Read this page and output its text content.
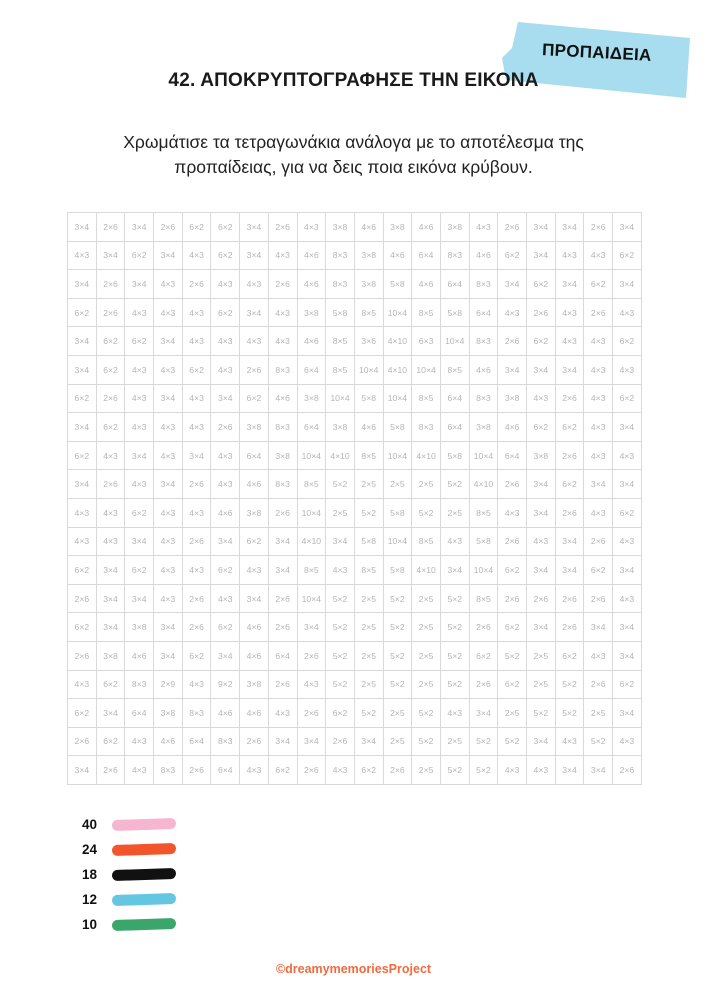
ΠΡΟΠΑΙΔΕΙΑ
42. ΑΠΟΚΡΥΠΤΟΓΡΑΦΗΣΕ ΤΗΝ ΕΙΚΟΝΑ
Χρωμάτισε τα τετραγωνάκια ανάλογα με το αποτέλεσμα της
προπαίδειας, για να δεις ποια εικόνα κρύβουν.
3×4	2×6	3×4	2×6	6×2	6×2	3×4	2×6	4×3	3×8	4×6	3×8	4×6	3×8	4×3	2×6	3×4	3×4	2×6	3×4
4×3	3×4	6×2	3×4	4×3	6×2	3×4	4×3	4×6	8×3	3×8	4×6	6×4	8×3	4×6	6×2	3×4	4×3	4×3	6×2
3×4	2×6	3×4	4×3	2×6	4×3	4×3	2×6	4×6	8×3	3×8	5×8	4×6	6×4	8×3	3×4	6×2	3×4	6×2	3×4
6×2	2×6	4×3	4×3	4×3	6×2	3×4	4×3	3×8	5×8	8×5	10×4	8×5	5×8	6×4	4×3	2×6	4×3	2×6	4×3
3×4	6×2	6×2	3×4	4×3	4×3	4×3	4×3	4×6	8×5	3×6	4×10	6×3	10×4	8×3	2×6	6×2	4×3	4×3	6×2
3×4	6×2	4×3	4×3	6×2	4×3	2×6	8×3	6×4	8×5	10×4	4×10	10×4	8×5	4×6	3×4	3×4	3×4	4×3	4×3
6×2	2×6	4×3	3×4	4×3	3×4	6×2	4×6	3×8	10×4	5×8	10×4	8×5	6×4	8×3	3×8	4×3	2×6	4×3	6×2
3×4	6×2	4×3	4×3	4×3	2×6	3×8	8×3	6×4	3×8	4×6	5×8	8×3	6×4	3×8	4×6	6×2	6×2	4×3	3×4
6×2	4×3	3×4	4×3	3×4	4×3	6×4	3×8	10×4	4×10	8×5	10×4	4×10	5×8	10×4	6×4	3×8	2×6	4×3	4×3
3×4	2×6	4×3	3×4	2×6	4×3	4×6	8×3	8×5	5×2	2×5	2×5	2×5	5×2	4×10	2×6	3×4	6×2	3×4	3×4
4×3	4×3	6×2	4×3	4×3	4×6	3×8	2×6	10×4	2×5	5×2	5×8	5×2	2×5	8×5	4×3	3×4	2×6	4×3	6×2
4×3	4×3	3×4	4×3	2×6	3×4	6×2	3×4	4×10	3×4	5×8	10×4	8×5	4×3	5×8	2×6	4×3	3×4	2×6	4×3
6×2	3×4	6×2	4×3	4×3	6×2	4×3	3×4	8×5	4×3	8×5	5×8	4×10	3×4	10×4	6×2	3×4	3×4	6×2	3×4
2×6	3×4	3×4	4×3	2×6	4×3	3×4	2×6	10×4	5×2	2×5	5×2	2×5	5×2	8×5	2×6	2×6	2×6	2×6	4×3
6×2	3×4	3×8	3×4	2×6	6×2	4×6	2×6	3×4	5×2	2×5	5×2	2×5	5×2	2×6	6×2	3×4	2×6	3×4	3×4
2×6	3×8	4×6	3×4	6×2	3×4	4×6	6×4	2×6	5×2	2×5	5×2	2×5	5×2	6×2	5×2	2×5	6×2	4×3	3×4
4×3	6×2	8×3	2×9	4×3	9×2	3×8	2×6	4×3	5×2	2×5	5×2	2×5	5×2	2×6	6×2	2×5	5×2	2×6	6×2
6×2	3×4	6×4	3×8	8×3	4×6	4×6	4×3	2×6	6×2	5×2	2×5	5×2	4×3	3×4	2×5	5×2	5×2	2×5	3×4
2×6	6×2	4×3	4×6	6×4	8×3	2×6	3×4	3×4	2×6	3×4	2×5	5×2	2×5	5×2	5×2	3×4	4×3	5×2	4×3
3×4	2×6	4×3	8×3	2×6	6×4	4×3	6×2	2×6	4×3	6×2	2×6	2×5	5×2	5×2	4×3	4×3	3×4	3×4	2×6
40
24
18
12
10
©dreamymemoriesProject
